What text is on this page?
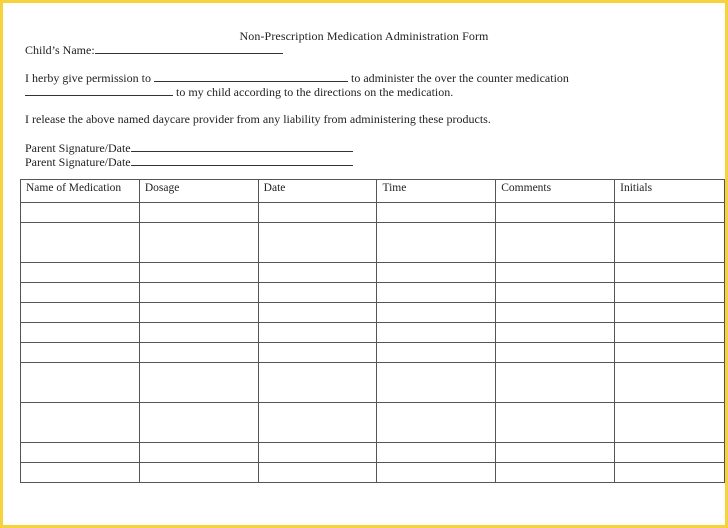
Non-Prescription Medication Administration Form
Child’s Name:
I herby give permission to	to administer the over the counter medication
to my child according to the directions on the medication.
I release the above named daycare provider from any liability from administering these products.
Parent Signature/Date
Parent Signature/Date
Name of Medication	Dosage	Date	Time	Comments	Initials
